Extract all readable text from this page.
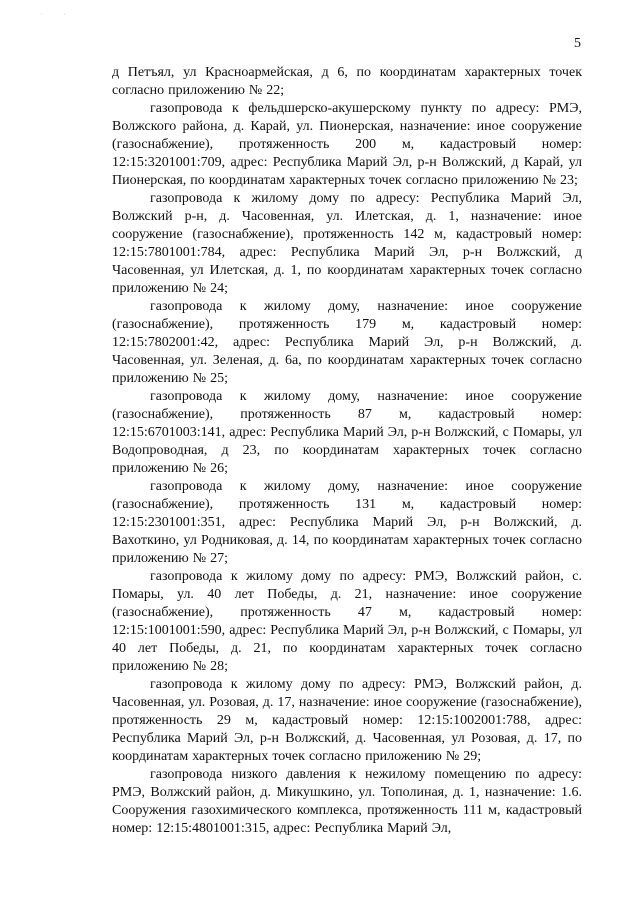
· ·
5

д Петъял, ул Красноармейская, д 6, по координатам характерных точек согласно приложению № 22;

газопровода к фельдшерско-акушерскому пункту по адресу: РМЭ, Волжского района, д. Карай, ул. Пионерская, назначение: иное сооружение (газоснабжение), протяженность 200 м, кадастровый номер: 12:15:3201001:709, адрес: Республика Марий Эл, р-н Волжский, д Карай, ул Пионерская, по координатам характерных точек согласно приложению № 23;

газопровода к жилому дому по адресу: Республика Марий Эл, Волжский р-н, д. Часовенная, ул. Илетская, д. 1, назначение: иное сооружение (газоснабжение), протяженность 142 м, кадастровый номер: 12:15:7801001:784, адрес: Республика Марий Эл, р-н Волжский, д Часовенная, ул Илетская, д. 1, по координатам характерных точек согласно приложению № 24;

газопровода к жилому дому, назначение: иное сооружение (газоснабжение), протяженность 179 м, кадастровый номер: 12:15:7802001:42, адрес: Республика Марий Эл, р-н Волжский, д. Часовенная, ул. Зеленая, д. 6а, по координатам характерных точек согласно приложению № 25;

газопровода к жилому дому, назначение: иное сооружение (газоснабжение), протяженность 87 м, кадастровый номер: 12:15:6701003:141, адрес: Республика Марий Эл, р-н Волжский, с Помары, ул Водопроводная, д 23, по координатам характерных точек согласно приложению № 26;

газопровода к жилому дому, назначение: иное сооружение (газоснабжение), протяженность 131 м, кадастровый номер: 12:15:2301001:351, адрес: Республика Марий Эл, р-н Волжский, д. Вахоткино, ул Родниковая, д. 14, по координатам характерных точек согласно приложению № 27;

газопровода к жилому дому по адресу: РМЭ, Волжский район, с. Помары, ул. 40 лет Победы, д. 21, назначение: иное сооружение (газоснабжение), протяженность 47 м, кадастровый номер: 12:15:1001001:590, адрес: Республика Марий Эл, р-н Волжский, с Помары, ул 40 лет Победы, д. 21, по координатам характерных точек согласно приложению № 28;

газопровода к жилому дому по адресу: РМЭ, Волжский район, д. Часовенная, ул. Розовая, д. 17, назначение: иное сооружение (газоснабжение), протяженность 29 м, кадастровый номер: 12:15:1002001:788, адрес: Республика Марий Эл, р-н Волжский, д. Часовенная, ул Розовая, д. 17, по координатам характерных точек согласно приложению № 29;

газопровода низкого давления к нежилому помещению по адресу: РМЭ, Волжский район, д. Микушкино, ул. Тополиная, д. 1, назначение: 1.6. Сооружения газохимического комплекса, протяженность 111 м, кадастровый номер: 12:15:4801001:315, адрес: Республика Марий Эл,
